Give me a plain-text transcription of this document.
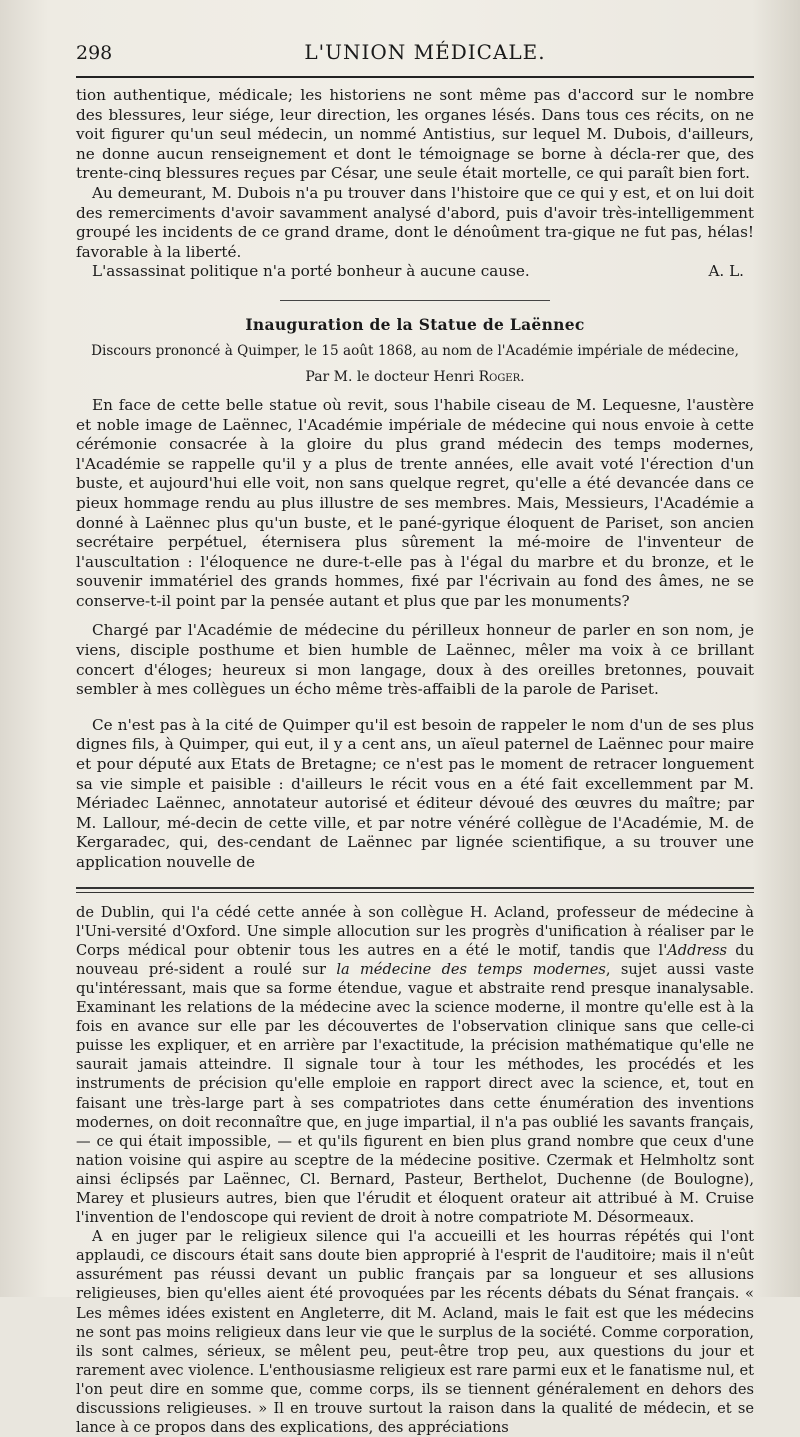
298	L'UNION MÉDICALE.

tion authentique, médicale; les historiens ne sont même pas d'accord sur le nombre des blessures, leur siége, leur direction, les organes lésés. Dans tous ces récits, on ne voit figurer qu'un seul médecin, un nommé Antistius, sur lequel M. Dubois, d'ailleurs, ne donne aucun renseignement et dont le témoignage se borne à décla-rer que, des trente-cinq blessures reçues par César, une seule était mortelle, ce qui paraît bien fort.

Au demeurant, M. Dubois n'a pu trouver dans l'histoire que ce qui y est, et on lui doit des remerciments d'avoir savamment analysé d'abord, puis d'avoir très-intelligemment groupé les incidents de ce grand drame, dont le dénoûment tra-gique ne fut pas, hélas! favorable à la liberté.

L'assassinat politique n'a porté bonheur à aucune cause.	A. L.
Inauguration de la Statue de Laënnec
Discours prononcé à Quimper, le 15 août 1868, au nom de l'Académie impériale de médecine,
Par M. le docteur Henri Roger.

En face de cette belle statue où revit, sous l'habile ciseau de M. Lequesne, l'austère et noble image de Laënnec, l'Académie impériale de médecine qui nous envoie à cette cérémonie consacrée à la gloire du plus grand médecin des temps modernes, l'Académie se rappelle qu'il y a plus de trente années, elle avait voté l'érection d'un buste, et aujourd'hui elle voit, non sans quelque regret, qu'elle a été devancée dans ce pieux hommage rendu au plus illustre de ses membres. Mais, Messieurs, l'Académie a donné à Laënnec plus qu'un buste, et le pané-gyrique éloquent de Pariset, son ancien secrétaire perpétuel, éternisera plus sûrement la mé-moire de l'inventeur de l'auscultation : l'éloquence ne dure-t-elle pas à l'égal du marbre et du bronze, et le souvenir immatériel des grands hommes, fixé par l'écrivain au fond des âmes, ne se conserve-t-il point par la pensée autant et plus que par les monuments?

Chargé par l'Académie de médecine du périlleux honneur de parler en son nom, je viens, disciple posthume et bien humble de Laënnec, mêler ma voix à ce brillant concert d'éloges; heureux si mon langage, doux à des oreilles bretonnes, pouvait sembler à mes collègues un écho même très-affaibli de la parole de Pariset.

Ce n'est pas à la cité de Quimper qu'il est besoin de rappeler le nom d'un de ses plus dignes fils, à Quimper, qui eut, il y a cent ans, un aïeul paternel de Laënnec pour maire et pour député aux Etats de Bretagne; ce n'est pas le moment de retracer longuement sa vie simple et paisible : d'ailleurs le récit vous en a été fait excellemment par M. Mériadec Laënnec, annotateur autorisé et éditeur dévoué des œuvres du maître; par M. Lallour, mé-decin de cette ville, et par notre vénéré collègue de l'Académie, M. de Kergaradec, qui, des-cendant de Laënnec par lignée scientifique, a su trouver une application nouvelle de

de Dublin, qui l'a cédé cette année à son collègue H. Acland, professeur de médecine à l'Uni-versité d'Oxford. Une simple allocution sur les progrès d'unification à réaliser par le Corps médical pour obtenir tous les autres en a été le motif, tandis que l'Address du nouveau pré-sident a roulé sur la médecine des temps modernes, sujet aussi vaste qu'intéressant, mais que sa forme étendue, vague et abstraite rend presque inanalysable. Examinant les relations de la médecine avec la science moderne, il montre qu'elle est à la fois en avance sur elle par les découvertes de l'observation clinique sans que celle-ci puisse les expliquer, et en arrière par l'exactitude, la précision mathématique qu'elle ne saurait jamais atteindre. Il signale tour à tour les méthodes, les procédés et les instruments de précision qu'elle emploie en rapport direct avec la science, et, tout en faisant une très-large part à ses compatriotes dans cette énumération des inventions modernes, on doit reconnaître que, en juge impartial, il n'a pas oublié les savants français, — ce qui était impossible, — et qu'ils figurent en bien plus grand nombre que ceux d'une nation voisine qui aspire au sceptre de la médecine positive. Czermak et Helmholtz sont ainsi éclipsés par Laënnec, Cl. Bernard, Pasteur, Berthelot, Duchenne (de Boulogne), Marey et plusieurs autres, bien que l'érudit et éloquent orateur ait attribué à M. Cruise l'invention de l'endoscope qui revient de droit à notre compatriote M. Désormeaux.

A en juger par le religieux silence qui l'a accueilli et les hourras répétés qui l'ont applaudi, ce discours était sans doute bien approprié à l'esprit de l'auditoire; mais il n'eût assurément pas réussi devant un public français par sa longueur et ses allusions religieuses, bien qu'elles aient été provoquées par les récents débats du Sénat français. « Les mêmes idées existent en Angleterre, dit M. Acland, mais le fait est que les médecins ne sont pas moins religieux dans leur vie que le surplus de la société. Comme corporation, ils sont calmes, sérieux, se mêlent peu, peut-être trop peu, aux questions du jour et rarement avec violence. L'enthousiasme religieux est rare parmi eux et le fanatisme nul, et l'on peut dire en somme que, comme corps, ils se tiennent généralement en dehors des discussions religieuses. » Il en trouve surtout la raison dans la qualité de médecin, et se lance à ce propos dans des explications, des appréciations
